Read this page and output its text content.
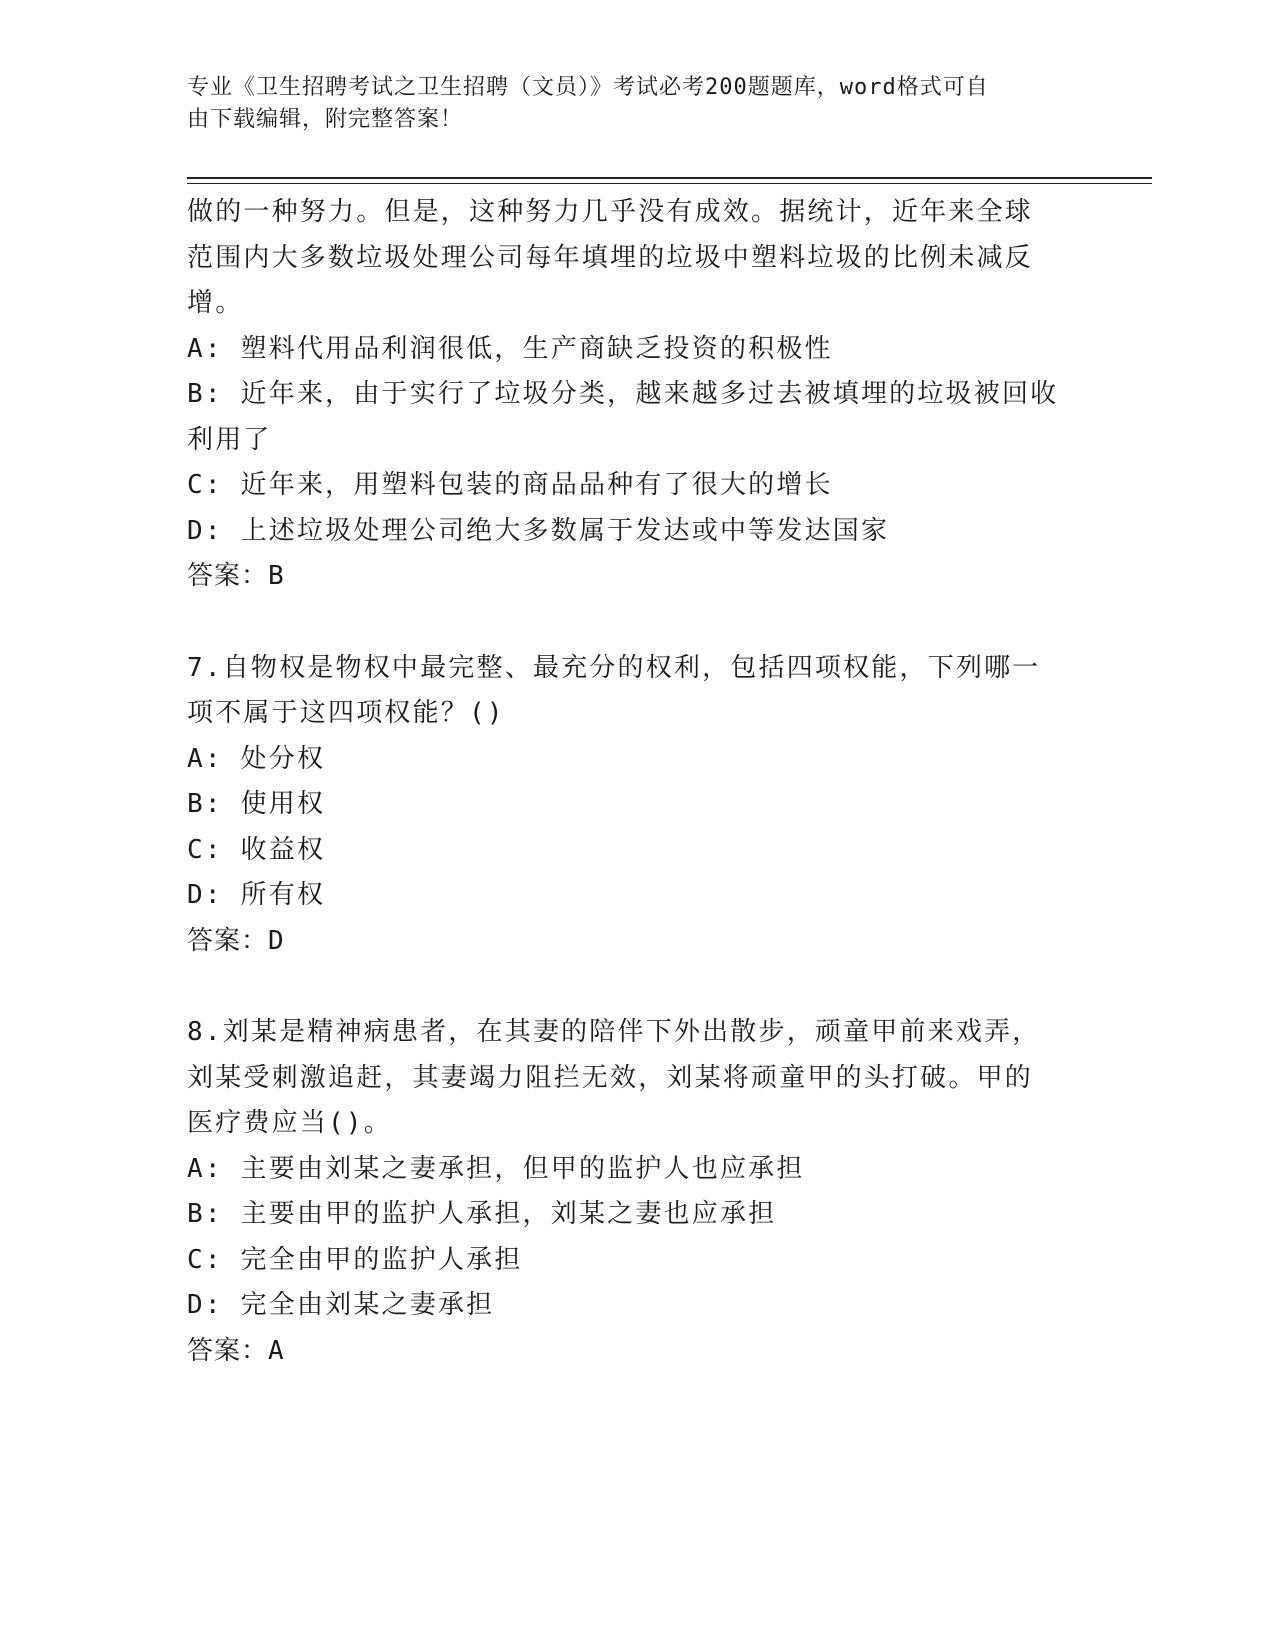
专业《卫生招聘考试之卫生招聘（文员）》考试必考200题题库，word格式可自
由下载编辑，附完整答案！
做的一种努力。但是，这种努力几乎没有成效。据统计，近年来全球
范围内大多数垃圾处理公司每年填埋的垃圾中塑料垃圾的比例未减反
增。
A: 塑料代用品利润很低，生产商缺乏投资的积极性
B: 近年来，由于实行了垃圾分类，越来越多过去被填埋的垃圾被回收
利用了
C: 近年来，用塑料包装的商品品种有了很大的增长
D: 上述垃圾处理公司绝大多数属于发达或中等发达国家
答案：B
7.自物权是物权中最完整、最充分的权利，包括四项权能，下列哪一
项不属于这四项权能？()
A: 处分权
B: 使用权
C: 收益权
D: 所有权
答案：D
8.刘某是精神病患者，在其妻的陪伴下外出散步，顽童甲前来戏弄，
刘某受刺激追赶，其妻竭力阻拦无效，刘某将顽童甲的头打破。甲的
医疗费应当()。
A: 主要由刘某之妻承担，但甲的监护人也应承担
B: 主要由甲的监护人承担，刘某之妻也应承担
C: 完全由甲的监护人承担
D: 完全由刘某之妻承担
答案：A
